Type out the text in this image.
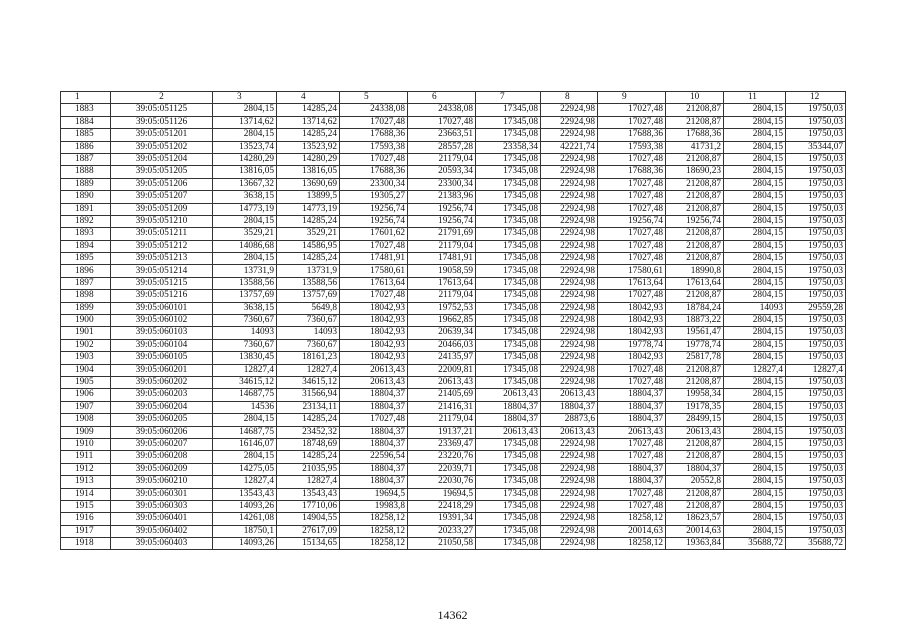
1	2	3	4	5	6	7	8	9	10	11	12
1883	39:05:051125	2804,15	14285,24	24338,08	24338,08	17345,08	22924,98	17027,48	21208,87	2804,15	19750,03
1884	39:05:051126	13714,62	13714,62	17027,48	17027,48	17345,08	22924,98	17027,48	21208,87	2804,15	19750,03
1885	39:05:051201	2804,15	14285,24	17688,36	23663,51	17345,08	22924,98	17688,36	17688,36	2804,15	19750,03
1886	39:05:051202	13523,74	13523,92	17593,38	28557,28	23358,34	42221,74	17593,38	41731,2	2804,15	35344,07
1887	39:05:051204	14280,29	14280,29	17027,48	21179,04	17345,08	22924,98	17027,48	21208,87	2804,15	19750,03
1888	39:05:051205	13816,05	13816,05	17688,36	20593,34	17345,08	22924,98	17688,36	18690,23	2804,15	19750,03
1889	39:05:051206	13667,32	13690,69	23300,34	23300,34	17345,08	22924,98	17027,48	21208,87	2804,15	19750,03
1890	39:05:051207	3638,15	13899,5	19305,27	21383,96	17345,08	22924,98	17027,48	21208,87	2804,15	19750,03
1891	39:05:051209	14773,19	14773,19	19256,74	19256,74	17345,08	22924,98	17027,48	21208,87	2804,15	19750,03
1892	39:05:051210	2804,15	14285,24	19256,74	19256,74	17345,08	22924,98	19256,74	19256,74	2804,15	19750,03
1893	39:05:051211	3529,21	3529,21	17601,62	21791,69	17345,08	22924,98	17027,48	21208,87	2804,15	19750,03
1894	39:05:051212	14086,68	14586,95	17027,48	21179,04	17345,08	22924,98	17027,48	21208,87	2804,15	19750,03
1895	39:05:051213	2804,15	14285,24	17481,91	17481,91	17345,08	22924,98	17027,48	21208,87	2804,15	19750,03
1896	39:05:051214	13731,9	13731,9	17580,61	19058,59	17345,08	22924,98	17580,61	18990,8	2804,15	19750,03
1897	39:05:051215	13588,56	13588,56	17613,64	17613,64	17345,08	22924,98	17613,64	17613,64	2804,15	19750,03
1898	39:05:051216	13757,69	13757,69	17027,48	21179,04	17345,08	22924,98	17027,48	21208,87	2804,15	19750,03
1899	39:05:060101	3638,15	5649,8	18042,93	19752,53	17345,08	22924,98	18042,93	18784,24	14093	29559,28
1900	39:05:060102	7360,67	7360,67	18042,93	19662,85	17345,08	22924,98	18042,93	18873,22	2804,15	19750,03
1901	39:05:060103	14093	14093	18042,93	20639,34	17345,08	22924,98	18042,93	19561,47	2804,15	19750,03
1902	39:05:060104	7360,67	7360,67	18042,93	20466,03	17345,08	22924,98	19778,74	19778,74	2804,15	19750,03
1903	39:05:060105	13830,45	18161,23	18042,93	24135,97	17345,08	22924,98	18042,93	25817,78	2804,15	19750,03
1904	39:05:060201	12827,4	12827,4	20613,43	22009,81	17345,08	22924,98	17027,48	21208,87	12827,4	12827,4
1905	39:05:060202	34615,12	34615,12	20613,43	20613,43	17345,08	22924,98	17027,48	21208,87	2804,15	19750,03
1906	39:05:060203	14687,75	31566,94	18804,37	21405,69	20613,43	20613,43	18804,37	19958,34	2804,15	19750,03
1907	39:05:060204	14536	23134,11	18804,37	21416,31	18804,37	18804,37	18804,37	19178,35	2804,15	19750,03
1908	39:05:060205	2804,15	14285,24	17027,48	21179,04	18804,37	28873,6	18804,37	28499,15	2804,15	19750,03
1909	39:05:060206	14687,75	23452,32	18804,37	19137,21	20613,43	20613,43	20613,43	20613,43	2804,15	19750,03
1910	39:05:060207	16146,07	18748,69	18804,37	23369,47	17345,08	22924,98	17027,48	21208,87	2804,15	19750,03
1911	39:05:060208	2804,15	14285,24	22596,54	23220,76	17345,08	22924,98	17027,48	21208,87	2804,15	19750,03
1912	39:05:060209	14275,05	21035,95	18804,37	22039,71	17345,08	22924,98	18804,37	18804,37	2804,15	19750,03
1913	39:05:060210	12827,4	12827,4	18804,37	22030,76	17345,08	22924,98	18804,37	20552,8	2804,15	19750,03
1914	39:05:060301	13543,43	13543,43	19694,5	19694,5	17345,08	22924,98	17027,48	21208,87	2804,15	19750,03
1915	39:05:060303	14093,26	17710,06	19983,8	22418,29	17345,08	22924,98	17027,48	21208,87	2804,15	19750,03
1916	39:05:060401	14261,08	14904,55	18258,12	19391,34	17345,08	22924,98	18258,12	18623,57	2804,15	19750,03
1917	39:05:060402	18750,1	27617,09	18258,12	20233,27	17345,08	22924,98	20014,63	20014,63	2804,15	19750,03
1918	39:05:060403	14093,26	15134,65	18258,12	21050,58	17345,08	22924,98	18258,12	19363,84	35688,72	35688,72
14362
